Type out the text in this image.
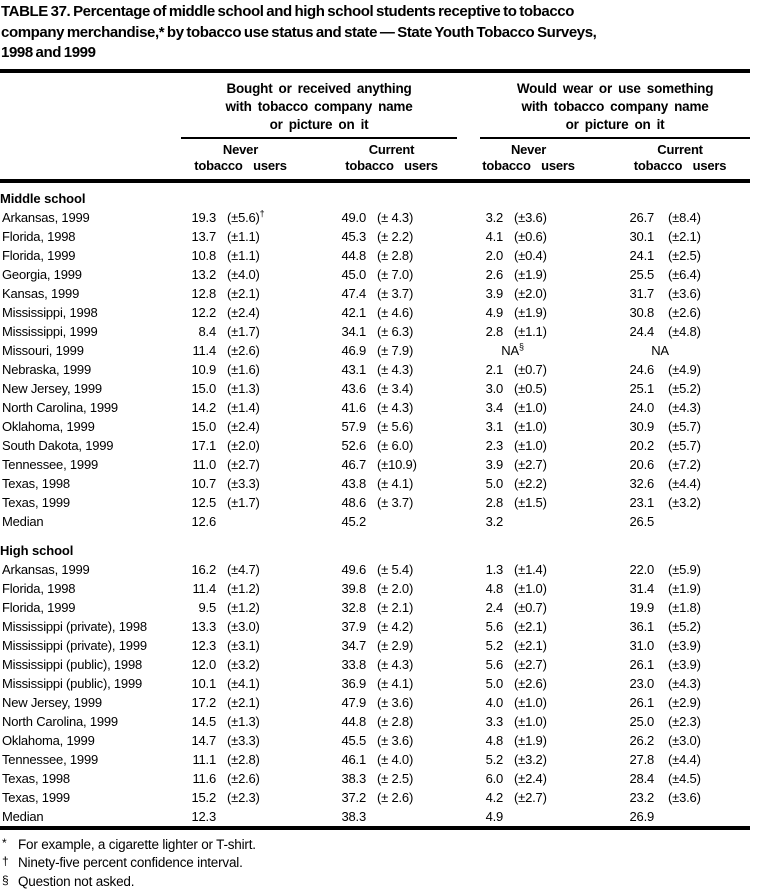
TABLE 37. Percentage of middle school and high school students receptive to tobacco
company merchandise,* by tobacco use status and state — State Youth Tobacco Surveys,
1998 and 1999

Bought or received anything
with tobacco company name
or picture on it

Would wear or use something
with tobacco company name
or picture on it

Never
tobacco users

Current
tobacco users

Never
tobacco users

Current
tobacco users

Middle school									
Arkansas, 1999	19.3	(±5.6)†	49.0	(± 4.3)		3.2	(±3.6)	26.7	(±8.4)
Florida, 1998	13.7	(±1.1)	45.3	(± 2.2)		4.1	(±0.6)	30.1	(±2.1)
Florida, 1999	10.8	(±1.1)	44.8	(± 2.8)		2.0	(±0.4)	24.1	(±2.5)
Georgia, 1999	13.2	(±4.0)	45.0	(± 7.0)		2.6	(±1.9)	25.5	(±6.4)
Kansas, 1999	12.8	(±2.1)	47.4	(± 3.7)		3.9	(±2.0)	31.7	(±3.6)
Mississippi, 1998	12.2	(±2.4)	42.1	(± 4.6)		4.9	(±1.9)	30.8	(±2.6)
Mississippi, 1999	8.4	(±1.7)	34.1	(± 6.3)		2.8	(±1.1)	24.4	(±4.8)
Missouri, 1999	11.4	(±2.6)	46.9	(± 7.9)		NA§		NA	
Nebraska, 1999	10.9	(±1.6)	43.1	(± 4.3)		2.1	(±0.7)	24.6	(±4.9)
New Jersey, 1999	15.0	(±1.3)	43.6	(± 3.4)		3.0	(±0.5)	25.1	(±5.2)
North Carolina, 1999	14.2	(±1.4)	41.6	(± 4.3)		3.4	(±1.0)	24.0	(±4.3)
Oklahoma, 1999	15.0	(±2.4)	57.9	(± 5.6)		3.1	(±1.0)	30.9	(±5.7)
South Dakota, 1999	17.1	(±2.0)	52.6	(± 6.0)		2.3	(±1.0)	20.2	(±5.7)
Tennessee, 1999	11.0	(±2.7)	46.7	(±10.9)		3.9	(±2.7)	20.6	(±7.2)
Texas, 1998	10.7	(±3.3)	43.8	(± 4.1)		5.0	(±2.2)	32.6	(±4.4)
Texas, 1999	12.5	(±1.7)	48.6	(± 3.7)		2.8	(±1.5)	23.1	(±3.2)
Median	12.6		45.2			3.2		26.5	
High school									
Arkansas, 1999	16.2	(±4.7)	49.6	(± 5.4)		1.3	(±1.4)	22.0	(±5.9)
Florida, 1998	11.4	(±1.2)	39.8	(± 2.0)		4.8	(±1.0)	31.4	(±1.9)
Florida, 1999	9.5	(±1.2)	32.8	(± 2.1)		2.4	(±0.7)	19.9	(±1.8)
Mississippi (private), 1998	13.3	(±3.0)	37.9	(± 4.2)		5.6	(±2.1)	36.1	(±5.2)
Mississippi (private), 1999	12.3	(±3.1)	34.7	(± 2.9)		5.2	(±2.1)	31.0	(±3.9)
Mississippi (public), 1998	12.0	(±3.2)	33.8	(± 4.3)		5.6	(±2.7)	26.1	(±3.9)
Mississippi (public), 1999	10.1	(±4.1)	36.9	(± 4.1)		5.0	(±2.6)	23.0	(±4.3)
New Jersey, 1999	17.2	(±2.1)	47.9	(± 3.6)		4.0	(±1.0)	26.1	(±2.9)
North Carolina, 1999	14.5	(±1.3)	44.8	(± 2.8)		3.3	(±1.0)	25.0	(±2.3)
Oklahoma, 1999	14.7	(±3.3)	45.5	(± 3.6)		4.8	(±1.9)	26.2	(±3.0)
Tennessee, 1999	11.1	(±2.8)	46.1	(± 4.0)		5.2	(±3.2)	27.8	(±4.4)
Texas, 1998	11.6	(±2.6)	38.3	(± 2.5)		6.0	(±2.4)	28.4	(±4.5)
Texas, 1999	15.2	(±2.3)	37.2	(± 2.6)		4.2	(±2.7)	23.2	(±3.6)
Median	12.3		38.3			4.9		26.9	
* For example, a cigarette lighter or T-shirt.
† Ninety-five percent confidence interval.
§ Question not asked.
